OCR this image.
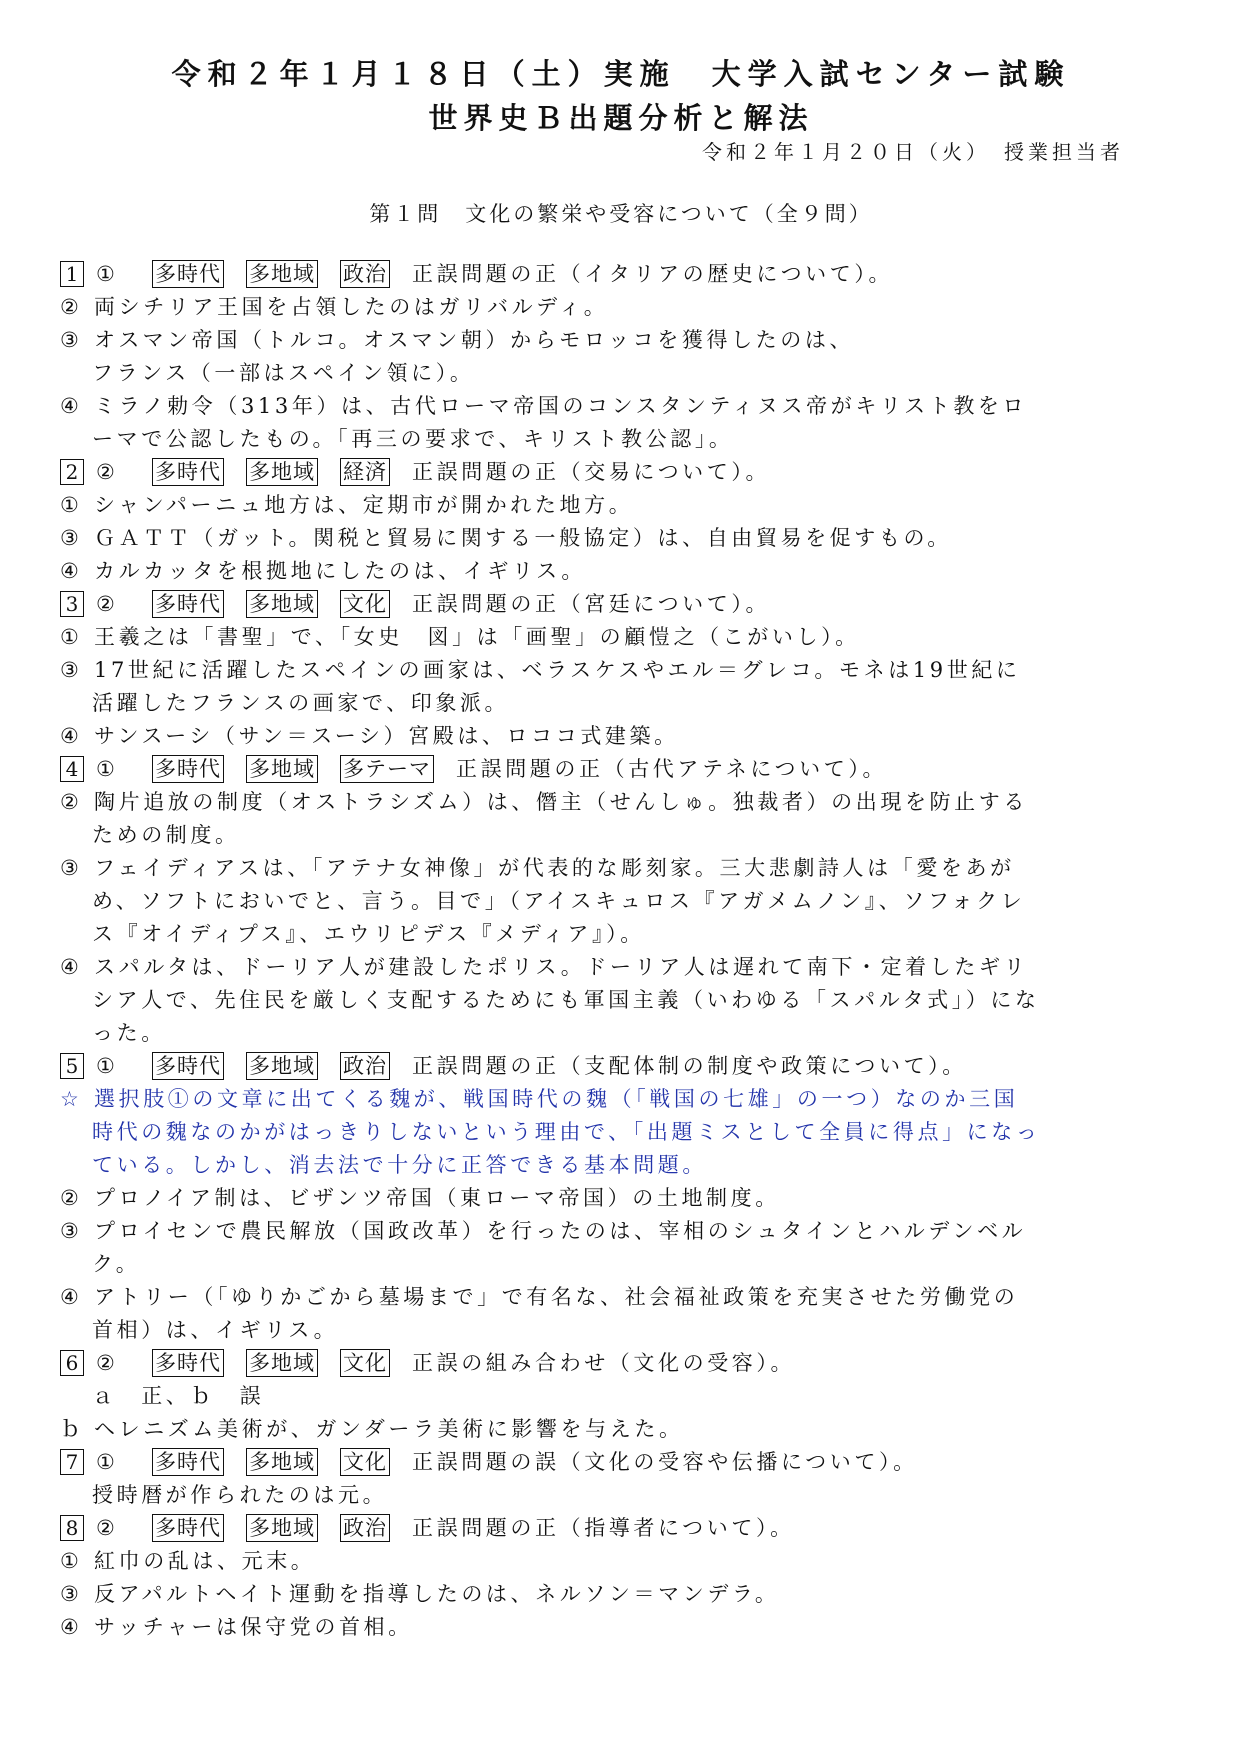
令和２年１月１８日（土）実施　大学入試センター試験
世界史Ｂ出題分析と解法
令和２年１月２０日（火）　授業担当者
第１問　文化の繁栄や受容について（全９問）
1 ① 多時代 多地域 政治 正誤問題の正（イタリアの歴史について）。
② 両シチリア王国を占領したのはガリバルディ。
③ オスマン帝国（トルコ。オスマン朝）からモロッコを獲得したのは、
フランス（一部はスペイン領に）。
④ ミラノ勅令（313年）は、古代ローマ帝国のコンスタンティヌス帝がキリスト教をロ
ーマで公認したもの。「再三の要求で、キリスト教公認」。
2 ② 多時代 多地域 経済 正誤問題の正（交易について）。
① シャンパーニュ地方は、定期市が開かれた地方。
③ ＧＡＴＴ（ガット。関税と貿易に関する一般協定）は、自由貿易を促すもの。
④ カルカッタを根拠地にしたのは、イギリス。
3 ② 多時代 多地域 文化 正誤問題の正（宮廷について）。
① 王羲之は「書聖」で、「女史　図」は「画聖」の顧愷之（こがいし）。
③ 17世紀に活躍したスペインの画家は、ベラスケスやエル＝グレコ。モネは19世紀に
活躍したフランスの画家で、印象派。
④ サンスーシ（サン＝スーシ）宮殿は、ロココ式建築。
4 ① 多時代 多地域 多テーマ 正誤問題の正（古代アテネについて）。
② 陶片追放の制度（オストラシズム）は、僭主（せんしゅ。独裁者）の出現を防止する
ための制度。
③ フェイディアスは、「アテナ女神像」が代表的な彫刻家。三大悲劇詩人は「愛をあが
め、ソフトにおいでと、言う。目で」（アイスキュロス『アガメムノン』、ソフォクレ
ス『オイディプス』、エウリピデス『メディア』）。
④ スパルタは、ドーリア人が建設したポリス。ドーリア人は遅れて南下・定着したギリ
シア人で、先住民を厳しく支配するためにも軍国主義（いわゆる「スパルタ式」）にな
った。
5 ① 多時代 多地域 政治 正誤問題の正（支配体制の制度や政策について）。
☆ 選択肢①の文章に出てくる魏が、戦国時代の魏（「戦国の七雄」の一つ）なのか三国
時代の魏なのかがはっきりしないという理由で、「出題ミスとして全員に得点」になっ
ている。しかし、消去法で十分に正答できる基本問題。
② プロノイア制は、ビザンツ帝国（東ローマ帝国）の土地制度。
③ プロイセンで農民解放（国政改革）を行ったのは、宰相のシュタインとハルデンベル
ク。
④ アトリー（「ゆりかごから墓場まで」で有名な、社会福祉政策を充実させた労働党の
首相）は、イギリス。
6 ② 多時代 多地域 文化 正誤の組み合わせ（文化の受容）。
ａ　正、ｂ　誤
ｂ ヘレニズム美術が、ガンダーラ美術に影響を与えた。
7 ① 多時代 多地域 文化 正誤問題の誤（文化の受容や伝播について）。
授時暦が作られたのは元。
8 ② 多時代 多地域 政治 正誤問題の正（指導者について）。
① 紅巾の乱は、元末。
③ 反アパルトヘイト運動を指導したのは、ネルソン＝マンデラ。
④ サッチャーは保守党の首相。
